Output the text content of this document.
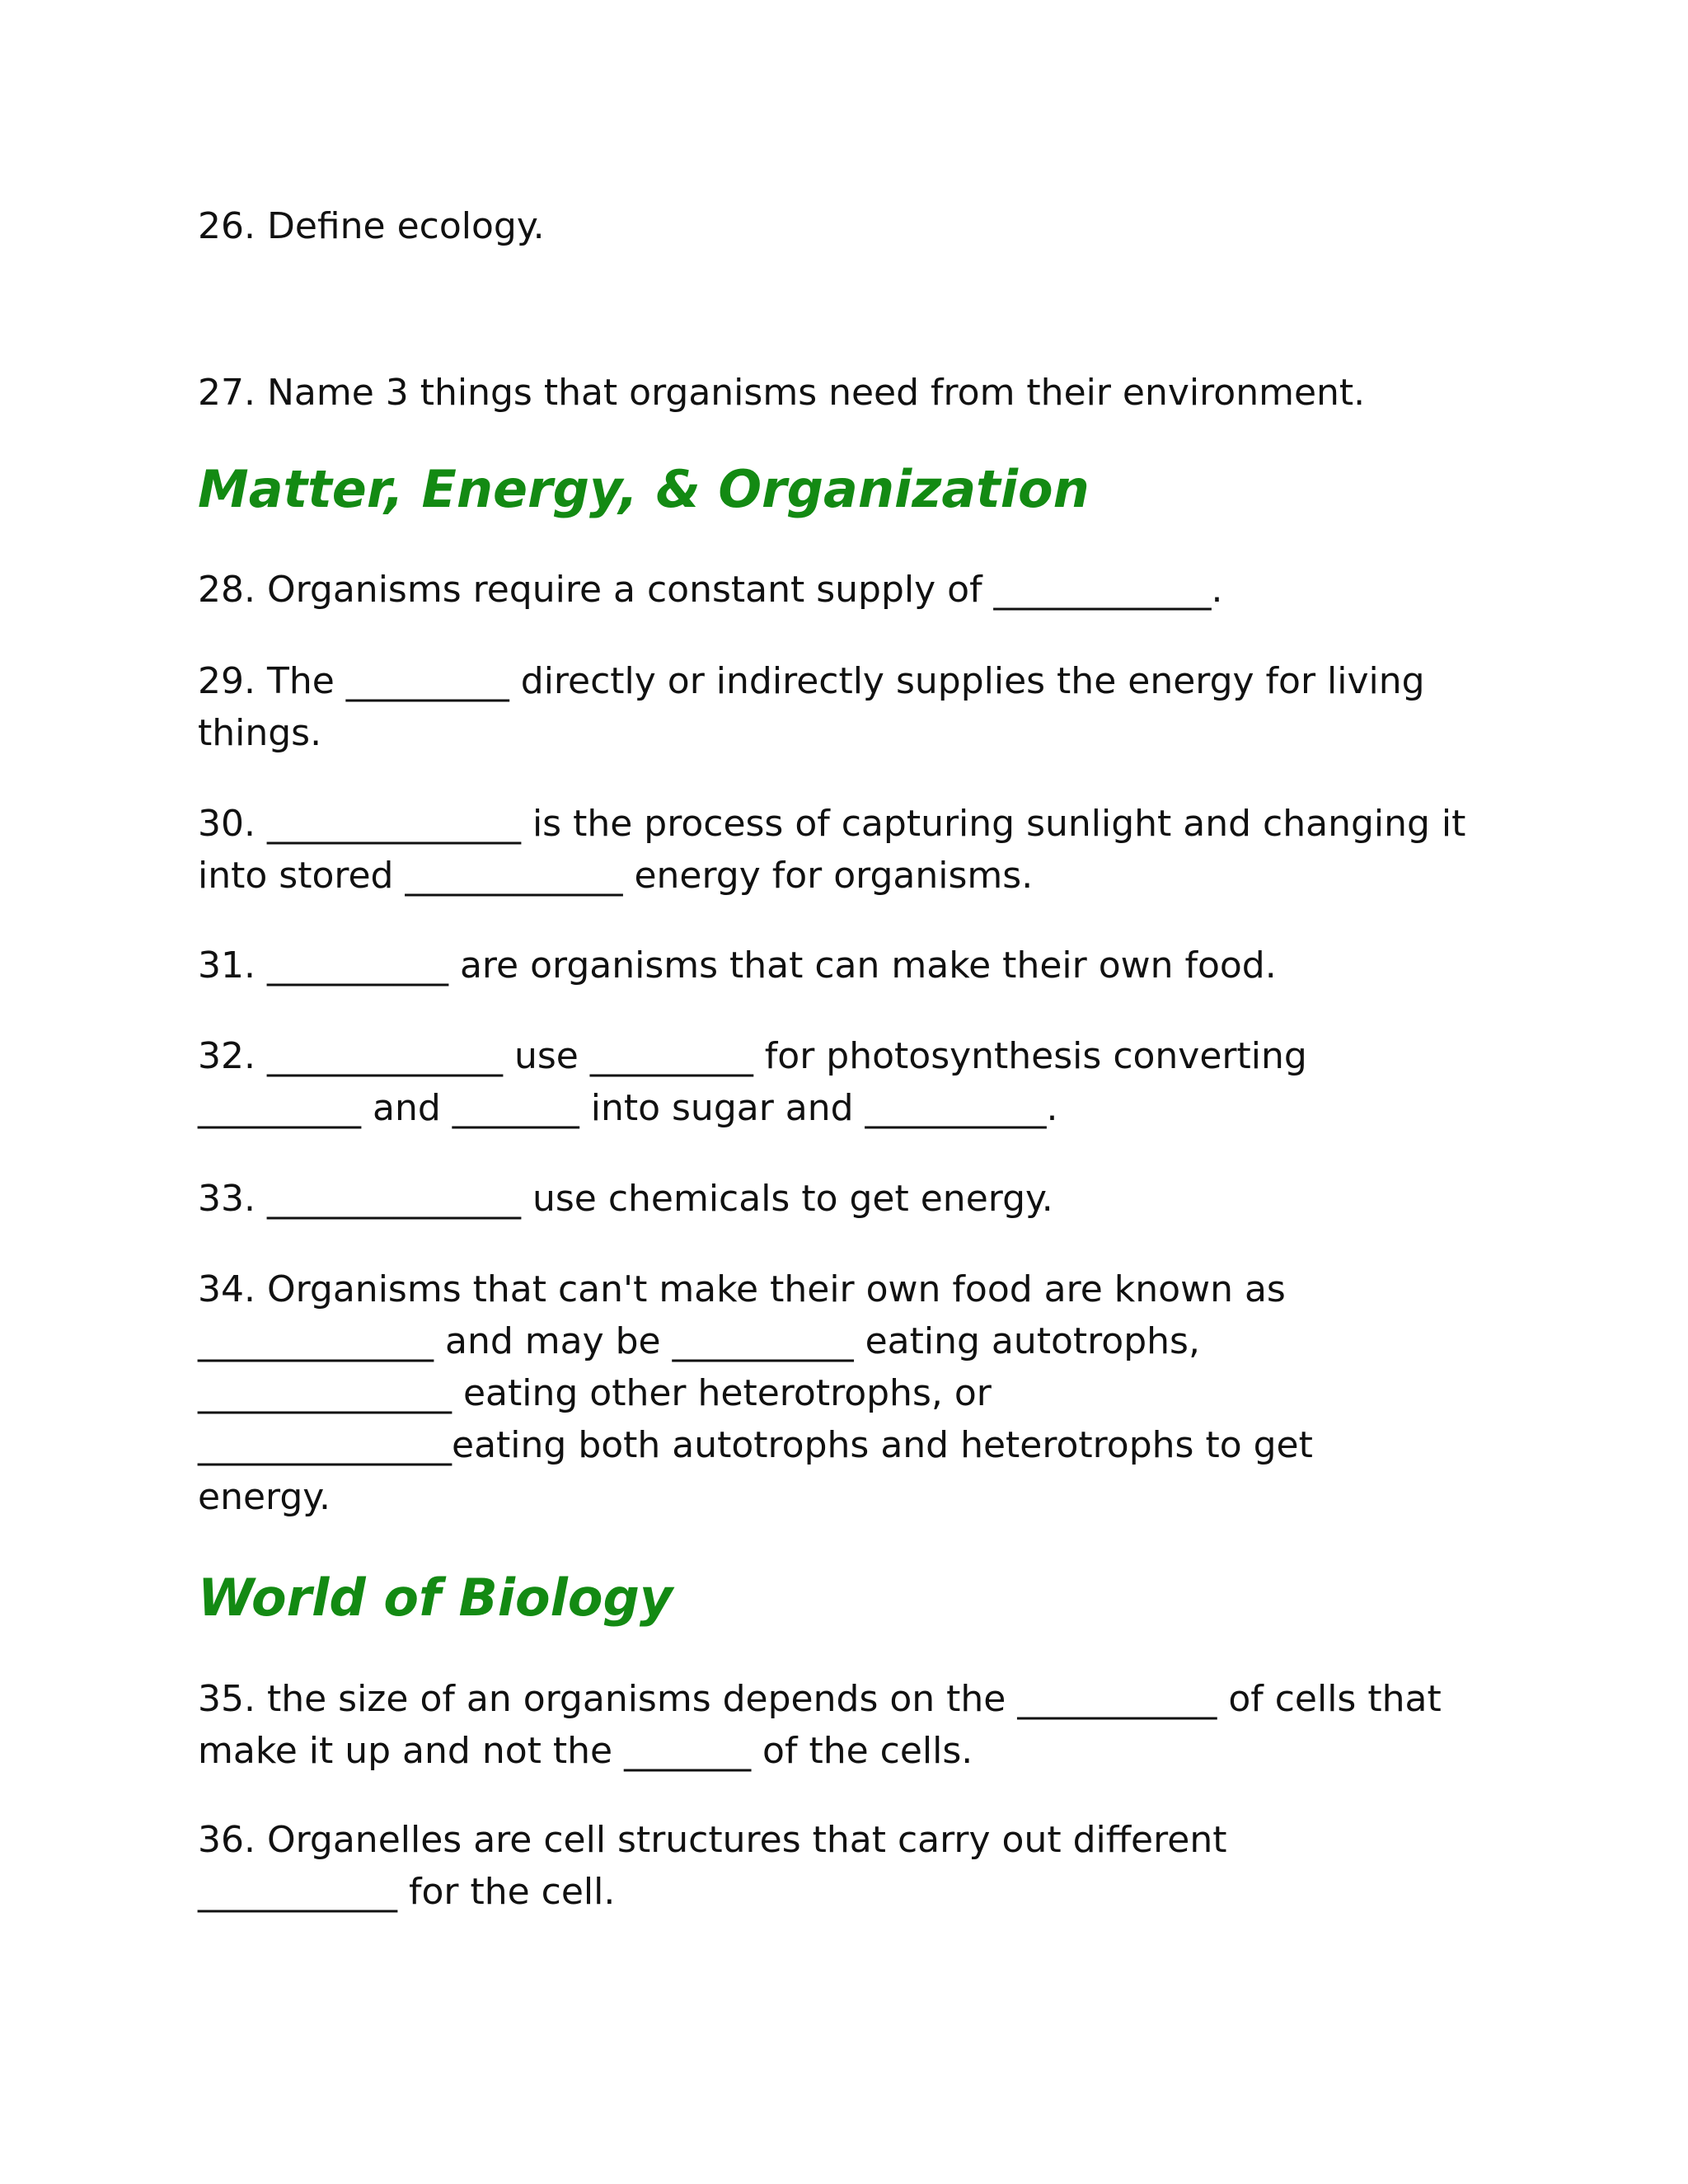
26. Define ecology.

27. Name 3 things that organisms need from their environment.

Matter, Energy, & Organization

28. Organisms require a constant supply of ____________.

29. The _________ directly or indirectly supplies the energy for living
things.

30. ______________ is the process of capturing sunlight and changing it
into stored ____________ energy for organisms.

31. __________ are organisms that can make their own food.

32. _____________ use _________ for photosynthesis converting
_________ and _______ into sugar and __________.

33. ______________ use chemicals to get energy.

34. Organisms that can't make their own food are known as
_____________ and may be __________ eating autotrophs,
______________ eating other heterotrophs, or
______________eating both autotrophs and heterotrophs to get
energy.

World of Biology

35. the size of an organisms depends on the ___________ of cells that
make it up and not the _______ of the cells.

36. Organelles are cell structures that carry out different
___________ for the cell.
